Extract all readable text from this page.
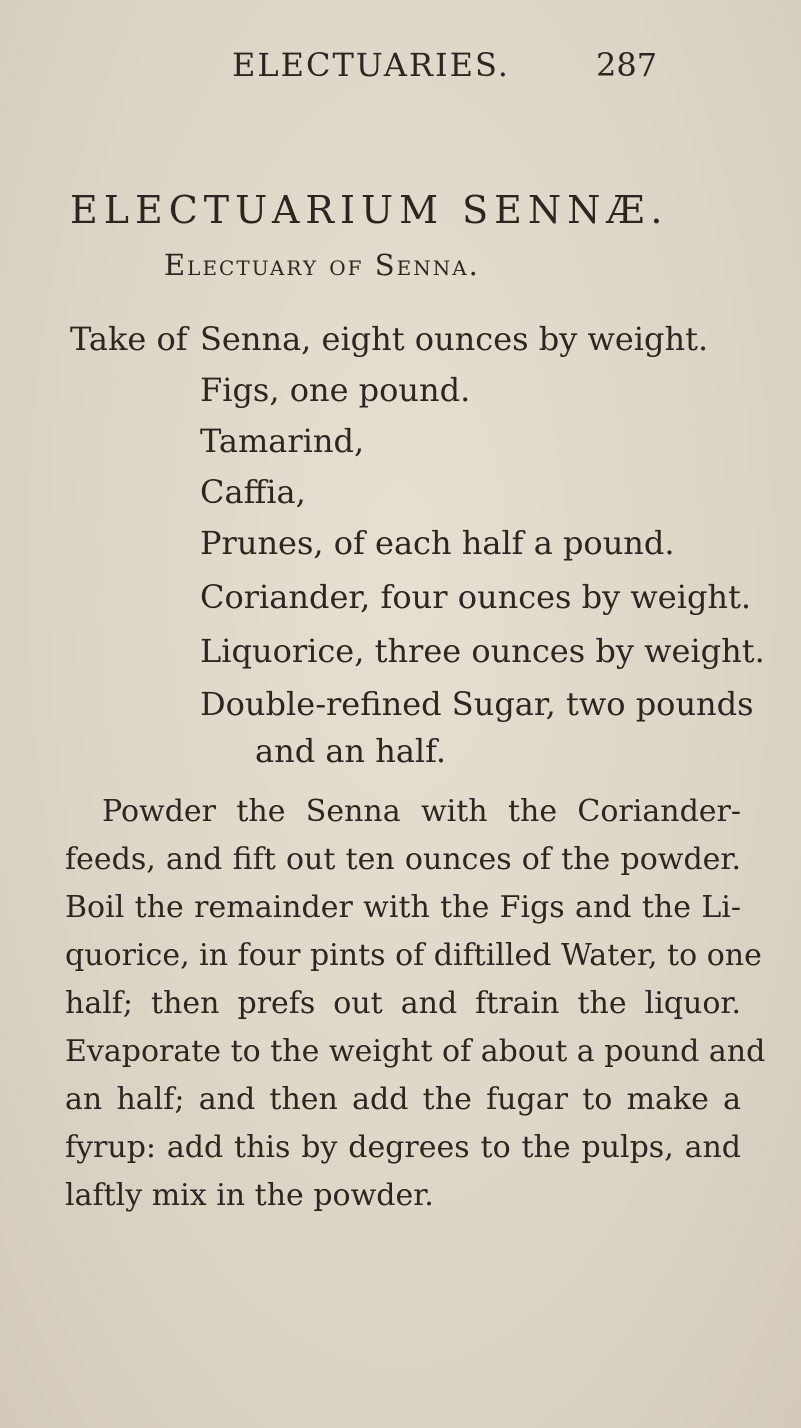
ELECTUARIES.	287
ELECTUARIUM SENNÆ.
Electuary of Senna.
Take of Senna, eight ounces by weight.
Figs, one pound.
Tamarind,
Caffia,
Prunes, of each half a pound.
Coriander, four ounces by weight.
Liquorice, three ounces by weight.
Double-refined Sugar, two pounds
and an half.
Powder the Senna with the Coriander-
feeds, and fift out ten ounces of the powder.
Boil the remainder with the Figs and the Li-
quorice, in four pints of diftilled Water, to one
half; then prefs out and ftrain the liquor.
Evaporate to the weight of about a pound and
an half; and then add the fugar to make a
fyrup: add this by degrees to the pulps, and
laftly mix in the powder.
